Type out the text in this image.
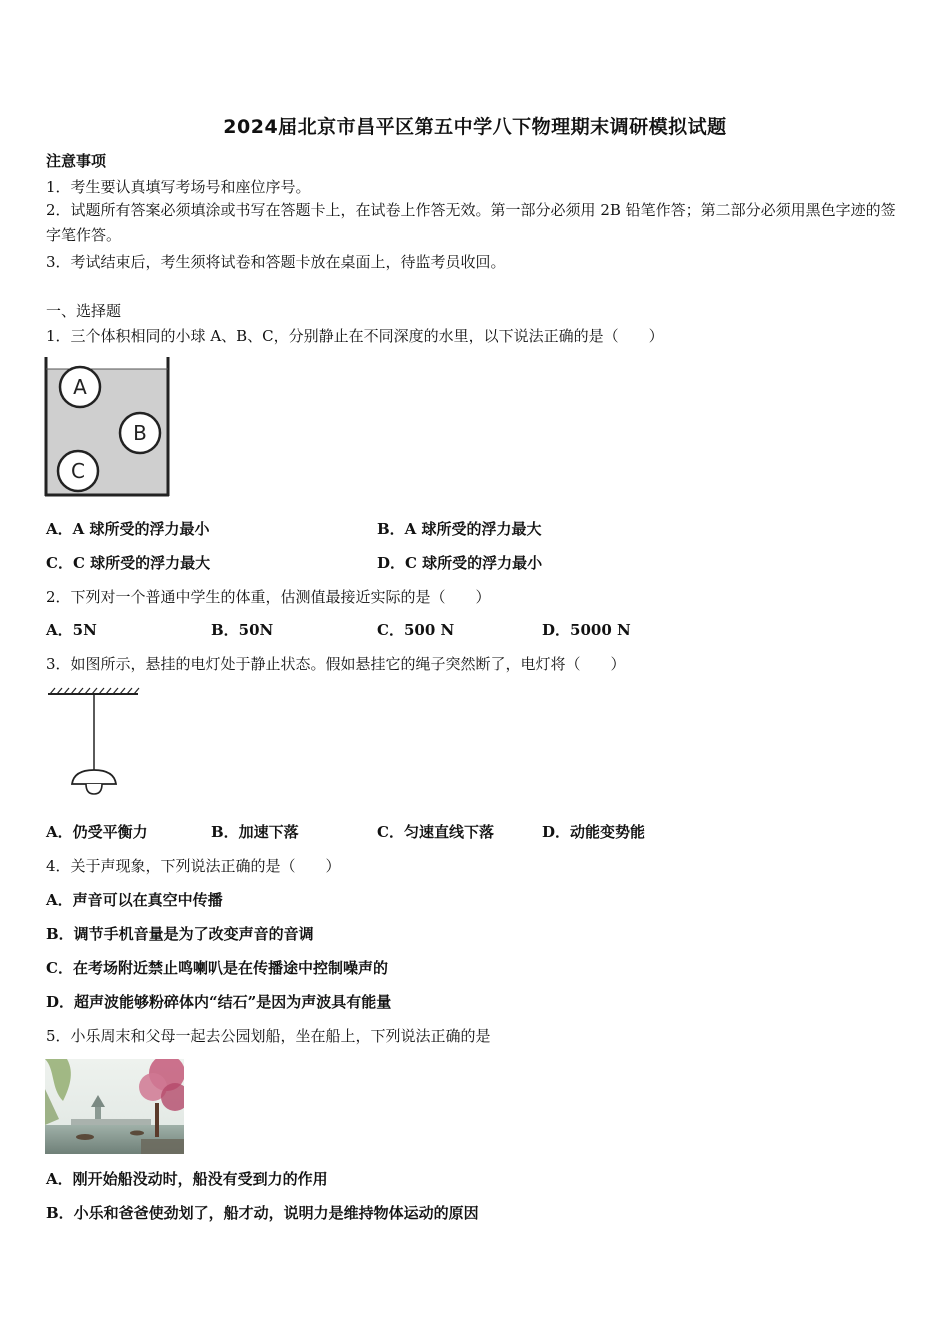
2024届北京市昌平区第五中学八下物理期末调研模拟试题
注意事项
1．考生要认真填写考场号和座位序号。
2．试题所有答案必须填涂或书写在答题卡上，在试卷上作答无效。第一部分必须用 2B 铅笔作答；第二部分必须用黑色字迹的签字笔作答。
3．考试结束后，考生须将试卷和答题卡放在桌面上，待监考员收回。
一、选择题
1．三个体积相同的小球 A、B、C，分别静止在不同深度的水里，以下说法正确的是（　　）
A
B
C
A．A 球所受的浮力最小	B．A 球所受的浮力最大
C．C 球所受的浮力最大	D．C 球所受的浮力最小
2．下列对一个普通中学生的体重，估测值最接近实际的是（　　）
A．5N	B．50N	C．500 N	D．5000 N
3．如图所示，悬挂的电灯处于静止状态。假如悬挂它的绳子突然断了，电灯将（　　）
A．仍受平衡力	B．加速下落	C．匀速直线下落	D．动能变势能
4．关于声现象，下列说法正确的是（　　）
A．声音可以在真空中传播
B．调节手机音量是为了改变声音的音调
C．在考场附近禁止鸣喇叭是在传播途中控制噪声的
D．超声波能够粉碎体内“结石”是因为声波具有能量
5．小乐周末和父母一起去公园划船，坐在船上，下列说法正确的是
A．刚开始船没动时，船没有受到力的作用
B．小乐和爸爸使劲划了，船才动，说明力是维持物体运动的原因
